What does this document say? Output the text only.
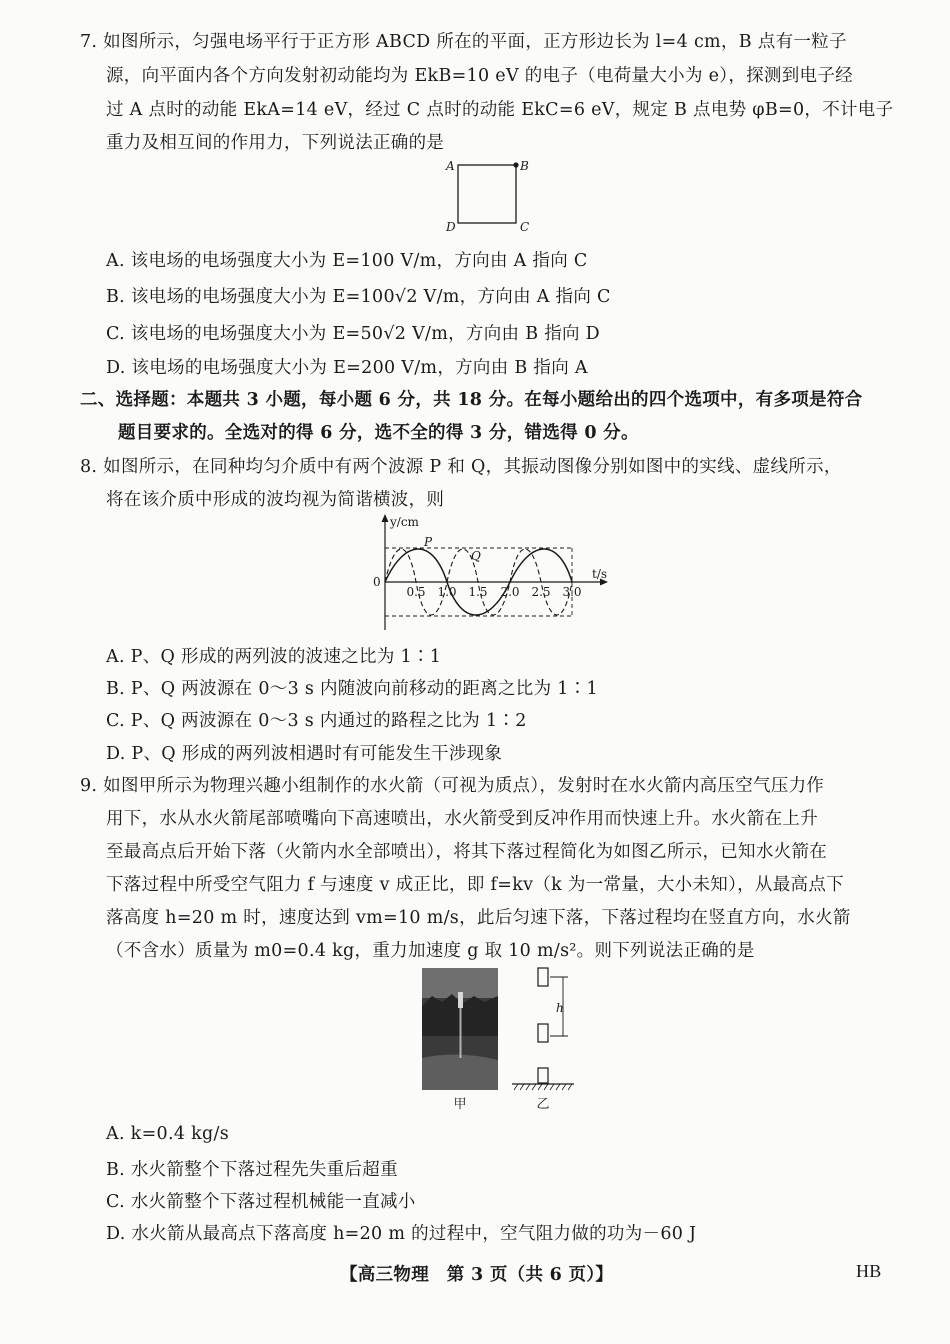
7. 如图所示，匀强电场平行于正方形 ABCD 所在的平面，正方形边长为 l=4 cm，B 点有一粒子
源，向平面内各个方向发射初动能均为 EkB=10 eV 的电子（电荷量大小为 e），探测到电子经
过 A 点时的动能 EkA=14 eV，经过 C 点时的动能 EkC=6 eV，规定 B 点电势 φB=0，不计电子
重力及相互间的作用力，下列说法正确的是
A	B
C
D
A. 该电场的电场强度大小为 E=100 V/m，方向由 A 指向 C
B. 该电场的电场强度大小为 E=100√2 V/m，方向由 A 指向 C
C. 该电场的电场强度大小为 E=50√2 V/m，方向由 B 指向 D
D. 该电场的电场强度大小为 E=200 V/m，方向由 B 指向 A
二、选择题：本题共 3 小题，每小题 6 分，共 18 分。在每小题给出的四个选项中，有多项是符合
题目要求的。全选对的得 6 分，选不全的得 3 分，错选得 0 分。
8. 如图所示，在同种均匀介质中有两个波源 P 和 Q，其振动图像分别如图中的实线、虚线所示，
将在该介质中形成的波均视为简谐横波，则
y/cm
t/s
0
P
Q
0.5 1.0 1.5 2.0 2.5 3.0
A. P、Q 形成的两列波的波速之比为 1∶1
B. P、Q 两波源在 0～3 s 内随波向前移动的距离之比为 1∶1
C. P、Q 两波源在 0～3 s 内通过的路程之比为 1∶2
D. P、Q 形成的两列波相遇时有可能发生干涉现象
9. 如图甲所示为物理兴趣小组制作的水火箭（可视为质点），发射时在水火箭内高压空气压力作
用下，水从水火箭尾部喷嘴向下高速喷出，水火箭受到反冲作用而快速上升。水火箭在上升
至最高点后开始下落（火箭内水全部喷出），将其下落过程简化为如图乙所示，已知水火箭在
下落过程中所受空气阻力 f 与速度 v 成正比，即 f=kv（k 为一常量，大小未知），从最高点下
落高度 h=20 m 时，速度达到 vm=10 m/s，此后匀速下落，下落过程均在竖直方向，水火箭
（不含水）质量为 m0=0.4 kg，重力加速度 g 取 10 m/s²。则下列说法正确的是
甲
h
乙
A. k=0.4 kg/s
B. 水火箭整个下落过程先失重后超重
C. 水火箭整个下落过程机械能一直减小
D. 水火箭从最高点下落高度 h=20 m 的过程中，空气阻力做的功为－60 J
【高三物理　第 3 页（共 6 页）】	HB
